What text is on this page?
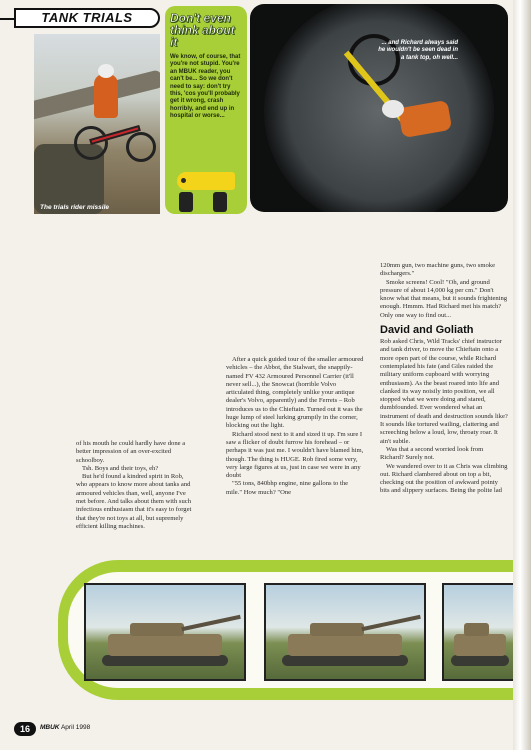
TANK TRIALS
The trials rider missile
Don't even think about it
We know, of course, that you're not stupid. You're an MBUK reader, you can't be... So we don't need to say: don't try this, 'cos you'll probably get it wrong, crash horribly, and end up in hospital or worse...
... and Richard always said he wouldn't be seen dead in a tank top, oh well...

of his mouth he could hardly have done a better impression of an over-excited schoolboy.

Tsh. Boys and their toys, eh?

But he'd found a kindred spirit in Rob, who appears to know more about tanks and armoured vehicles than, well, anyone I've met before. And talks about them with such infectious enthusiasm that it's easy to forget that they're not toys at all, but supremely efficient killing machines.

After a quick guided tour of the smaller armoured vehicles – the Abbot, the Stalwart, the snappily-named FV 432 Armoured Personnel Carrier (it'll never sell...), the Snowcat (horrible Volvo articulated thing, completely unlike your antique dealer's Volvo, apparently) and the Ferrets – Rob introduces us to the Chieftain. Turned out it was the huge lump of steel lurking grumpily in the corner, blocking out the light.

Richard stood next to it and sized it up. I'm sure I saw a flicker of doubt furrow his forehead – or perhaps it was just me. I wouldn't have blamed him, though. The thing is HUGE. Rob fired some very, very large figures at us, just in case we were in any doubt

"55 tons, 840bhp engine, nine gallons to the mile." How much? "One

120mm gun, two machine guns, two smoke dischargers."

Smoke screens! Cool! "Oh, and ground pressure of about 14,000 kg per cm." Don't know what that means, but it sounds frightening enough. Hmmm. Had Richard met his match? Only one way to find out...

David and Goliath

Rob asked Chris, Wild Tracks' chief instructor and tank driver, to move the Chieftain onto a more open part of the course, while Richard contemplated his fate (and Giles raided the military uniform cupboard with worrying enthusiasm). As the beast roared into life and clanked its way noisily into position, we all stopped what we were doing and stared, dumbfounded. Ever wondered what an instrument of death and destruction sounds like? It sounds like tortured wailing, clattering and screeching below a loud, low, throaty roar. It ain't subtle.

Was that a second worried look from Richard? Surely not.

We wandered over to it as Chris was climbing out. Richard clambered about on top a bit, checking out the position of awkward pointy bits and slippery surfaces. Being the polite lad

16	MBUK April 1998
